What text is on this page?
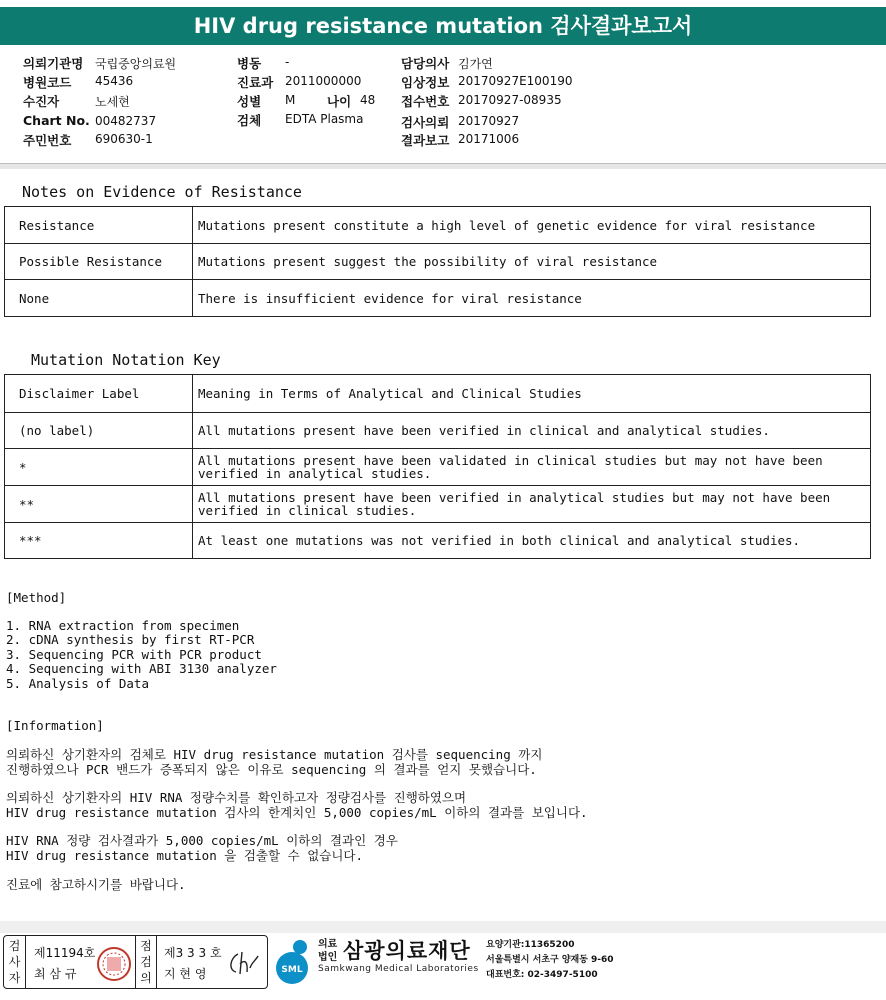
HIV drug resistance mutation 검사결과보고서
의뢰기관명 국립중앙의료원
병원코드 45436
수진자	노세현
Chart No. 00482737
주민번호 690630-1
병동 -
진료과 2011000000
성별 M	나이 48
검체 EDTA Plasma
담당의사 김가연
임상정보 20170927E100190
접수번호 20170927-08935
검사의뢰 20170927
결과보고 20171006
Notes on Evidence of Resistance
Resistance	Mutations present constitute a high level of genetic evidence for viral resistance
Possible Resistance	Mutations present suggest the possibility of viral resistance
None	There is insufficient evidence for viral resistance
Mutation Notation Key
Disclaimer Label	Meaning in Terms of Analytical and Clinical Studies
(no label)	All mutations present have been verified in clinical and analytical studies.
*	All mutations present have been validated in clinical studies but may not have been verified in analytical studies.
**	All mutations present have been verified in analytical studies but may not have been verified in clinical studies.
***	At least one mutations was not verified in both clinical and analytical studies.
[Method]
1. RNA extraction from specimen
2. cDNA synthesis by first RT-PCR
3. Sequencing PCR with PCR product
4. Sequencing with ABI 3130 analyzer
5. Analysis of Data
[Information]
의뢰하신 상기환자의 검체로 HIV drug resistance mutation 검사를 sequencing 까지
진행하였으나 PCR 밴드가 증폭되지 않은 이유로 sequencing 의 결과를 얻지 못했습니다.
의뢰하신 상기환자의 HIV RNA 정량수치를 확인하고자 정량검사를 진행하였으며
HIV drug resistance mutation 검사의 한계치인 5,000 copies/mL 이하의 결과를 보입니다.
HIV RNA 정량 검사결과가 5,000 copies/mL 이하의 결과인 경우
HIV drug resistance mutation 을 검출할 수 없습니다.
진료에 참고하시기를 바랍니다.
검사자
제11194호
최 삼 규
점검의
제3 3 3 호
지 현 영	SML
의료
법인 삼광의료재단
Samkwang Medical Laboratories
요양기관:11365200
서울특별시 서초구 양재동 9-60
대표번호: 02-3497-5100
